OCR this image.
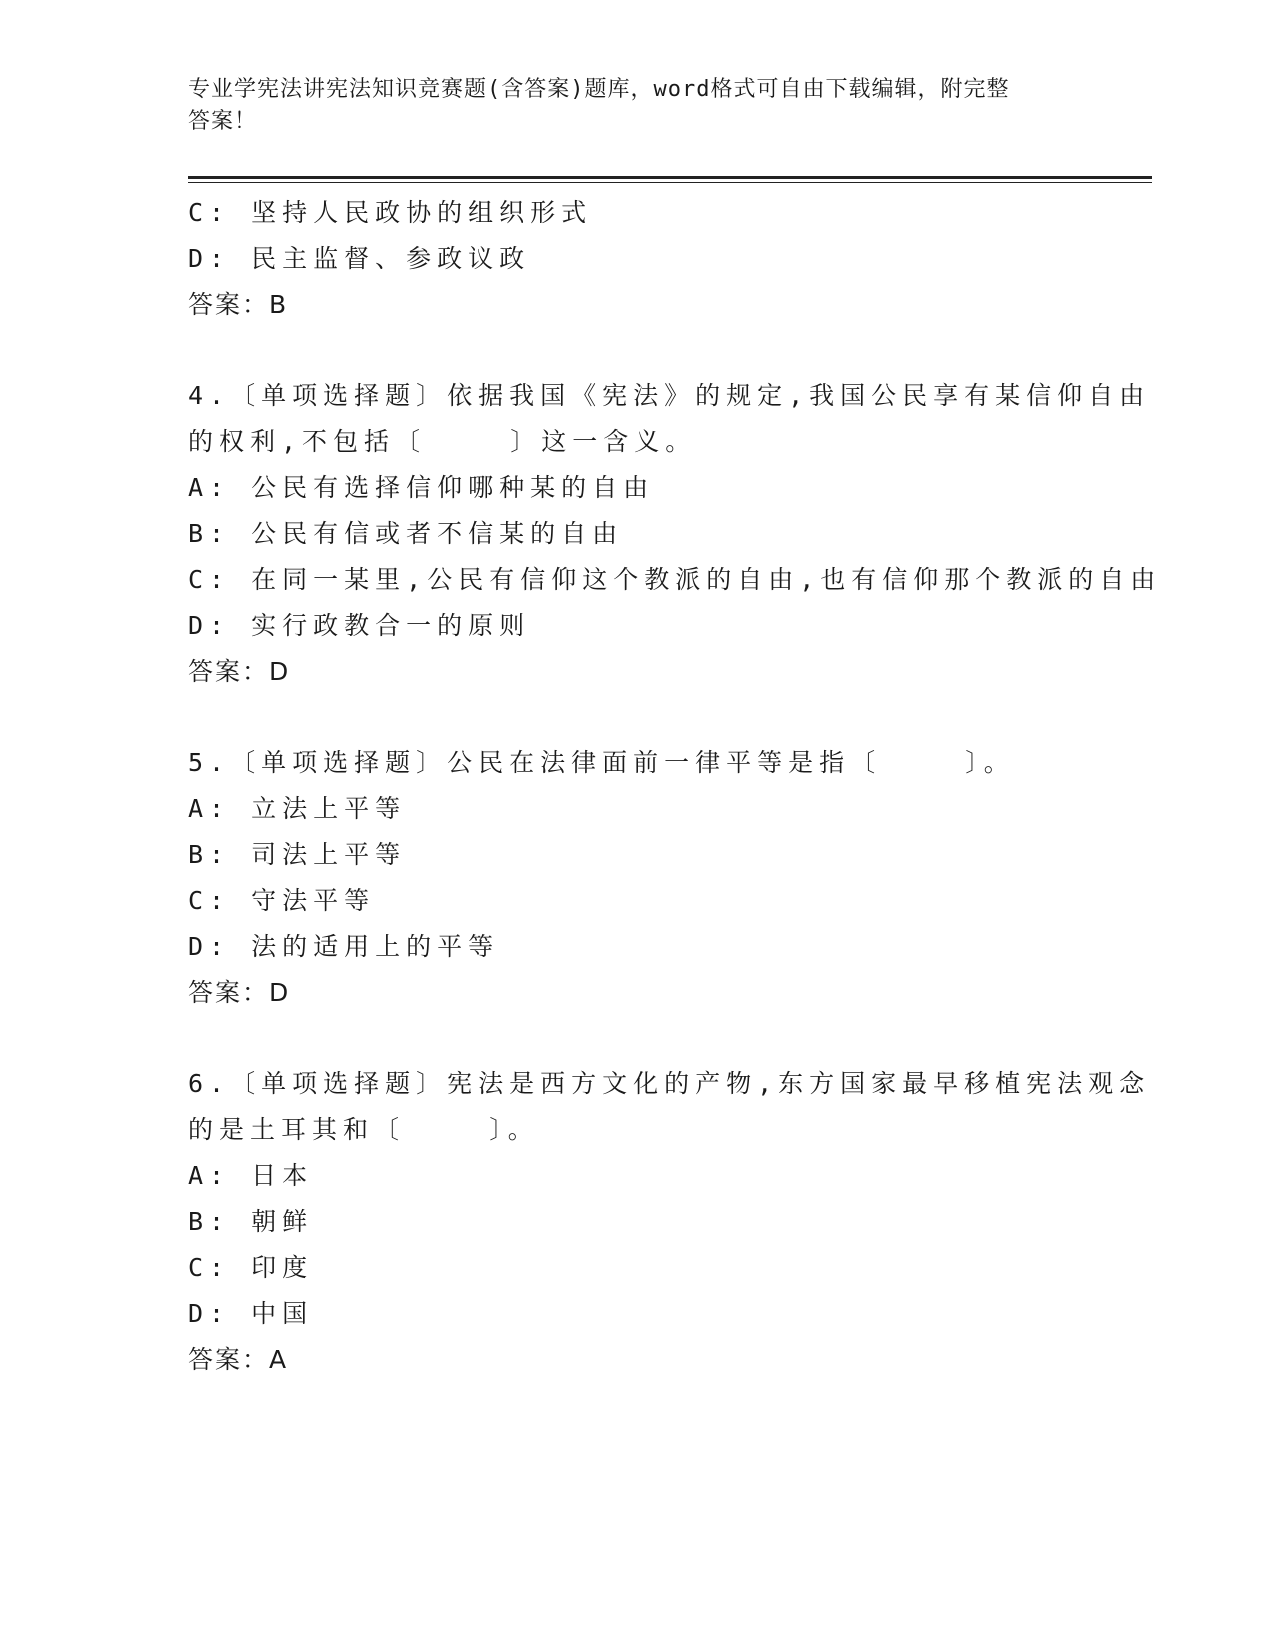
专业学宪法讲宪法知识竞赛题(含答案)题库，word格式可自由下载编辑，附完整
答案！
C: 坚持人民政协的组织形式
D: 民主监督、参政议政
答案：B
4.〔单项选择题〕依据我国《宪法》的规定,我国公民享有某信仰自由
的权利,不包括〔    〕这一含义。
A: 公民有选择信仰哪种某的自由
B: 公民有信或者不信某的自由
C: 在同一某里,公民有信仰这个教派的自由,也有信仰那个教派的自由
D: 实行政教合一的原则
答案：D
5.〔单项选择题〕公民在法律面前一律平等是指〔    〕。
A: 立法上平等
B: 司法上平等
C: 守法平等
D: 法的适用上的平等
答案：D
6.〔单项选择题〕宪法是西方文化的产物,东方国家最早移植宪法观念
的是土耳其和〔    〕。
A: 日本
B: 朝鲜
C: 印度
D: 中国
答案：A
